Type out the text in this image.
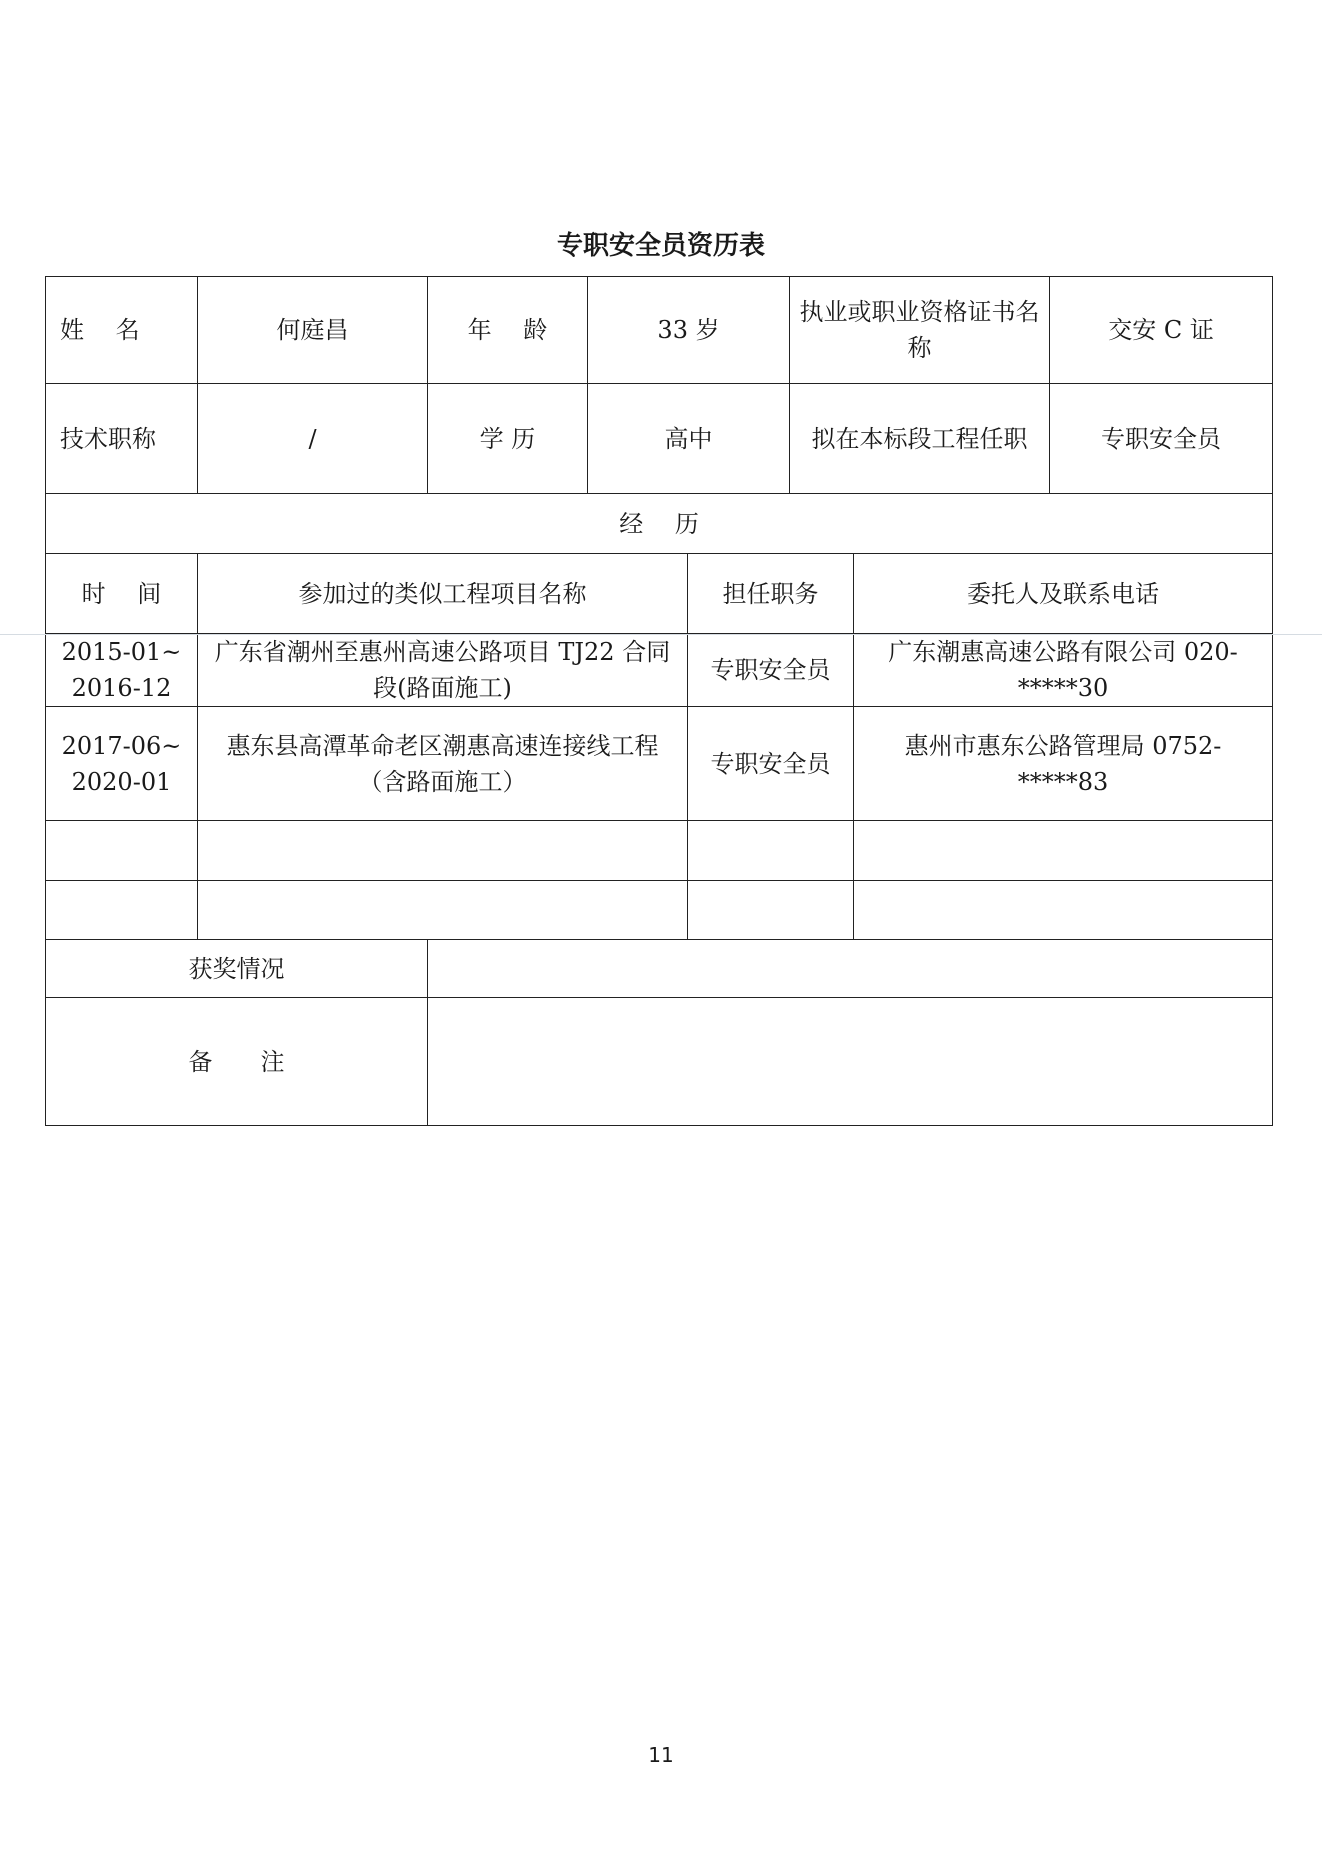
专职安全员资历表
姓　 名	何庭昌	年　 龄	33 岁		执业或职业资格证书名称		交安 C 证
技术职称	/	学 历	高中		拟在本标段工程任职		专职安全员
经　 历							
时　 间	参加过的类似工程项目名称			担任职务		委托人及联系电话	
2015-01~ 2016-12	广东省潮州至惠州高速公路项目 TJ22 合同段(路面施工)			专职安全员		广东潮惠高速公路有限公司 020-*****30	
2017-06~ 2020-01	惠东县高潭革命老区潮惠高速连接线工程（含路面施工）			专职安全员		惠州市惠东公路管理局 0752-*****83	

获奖情况							
备　　注							
11
